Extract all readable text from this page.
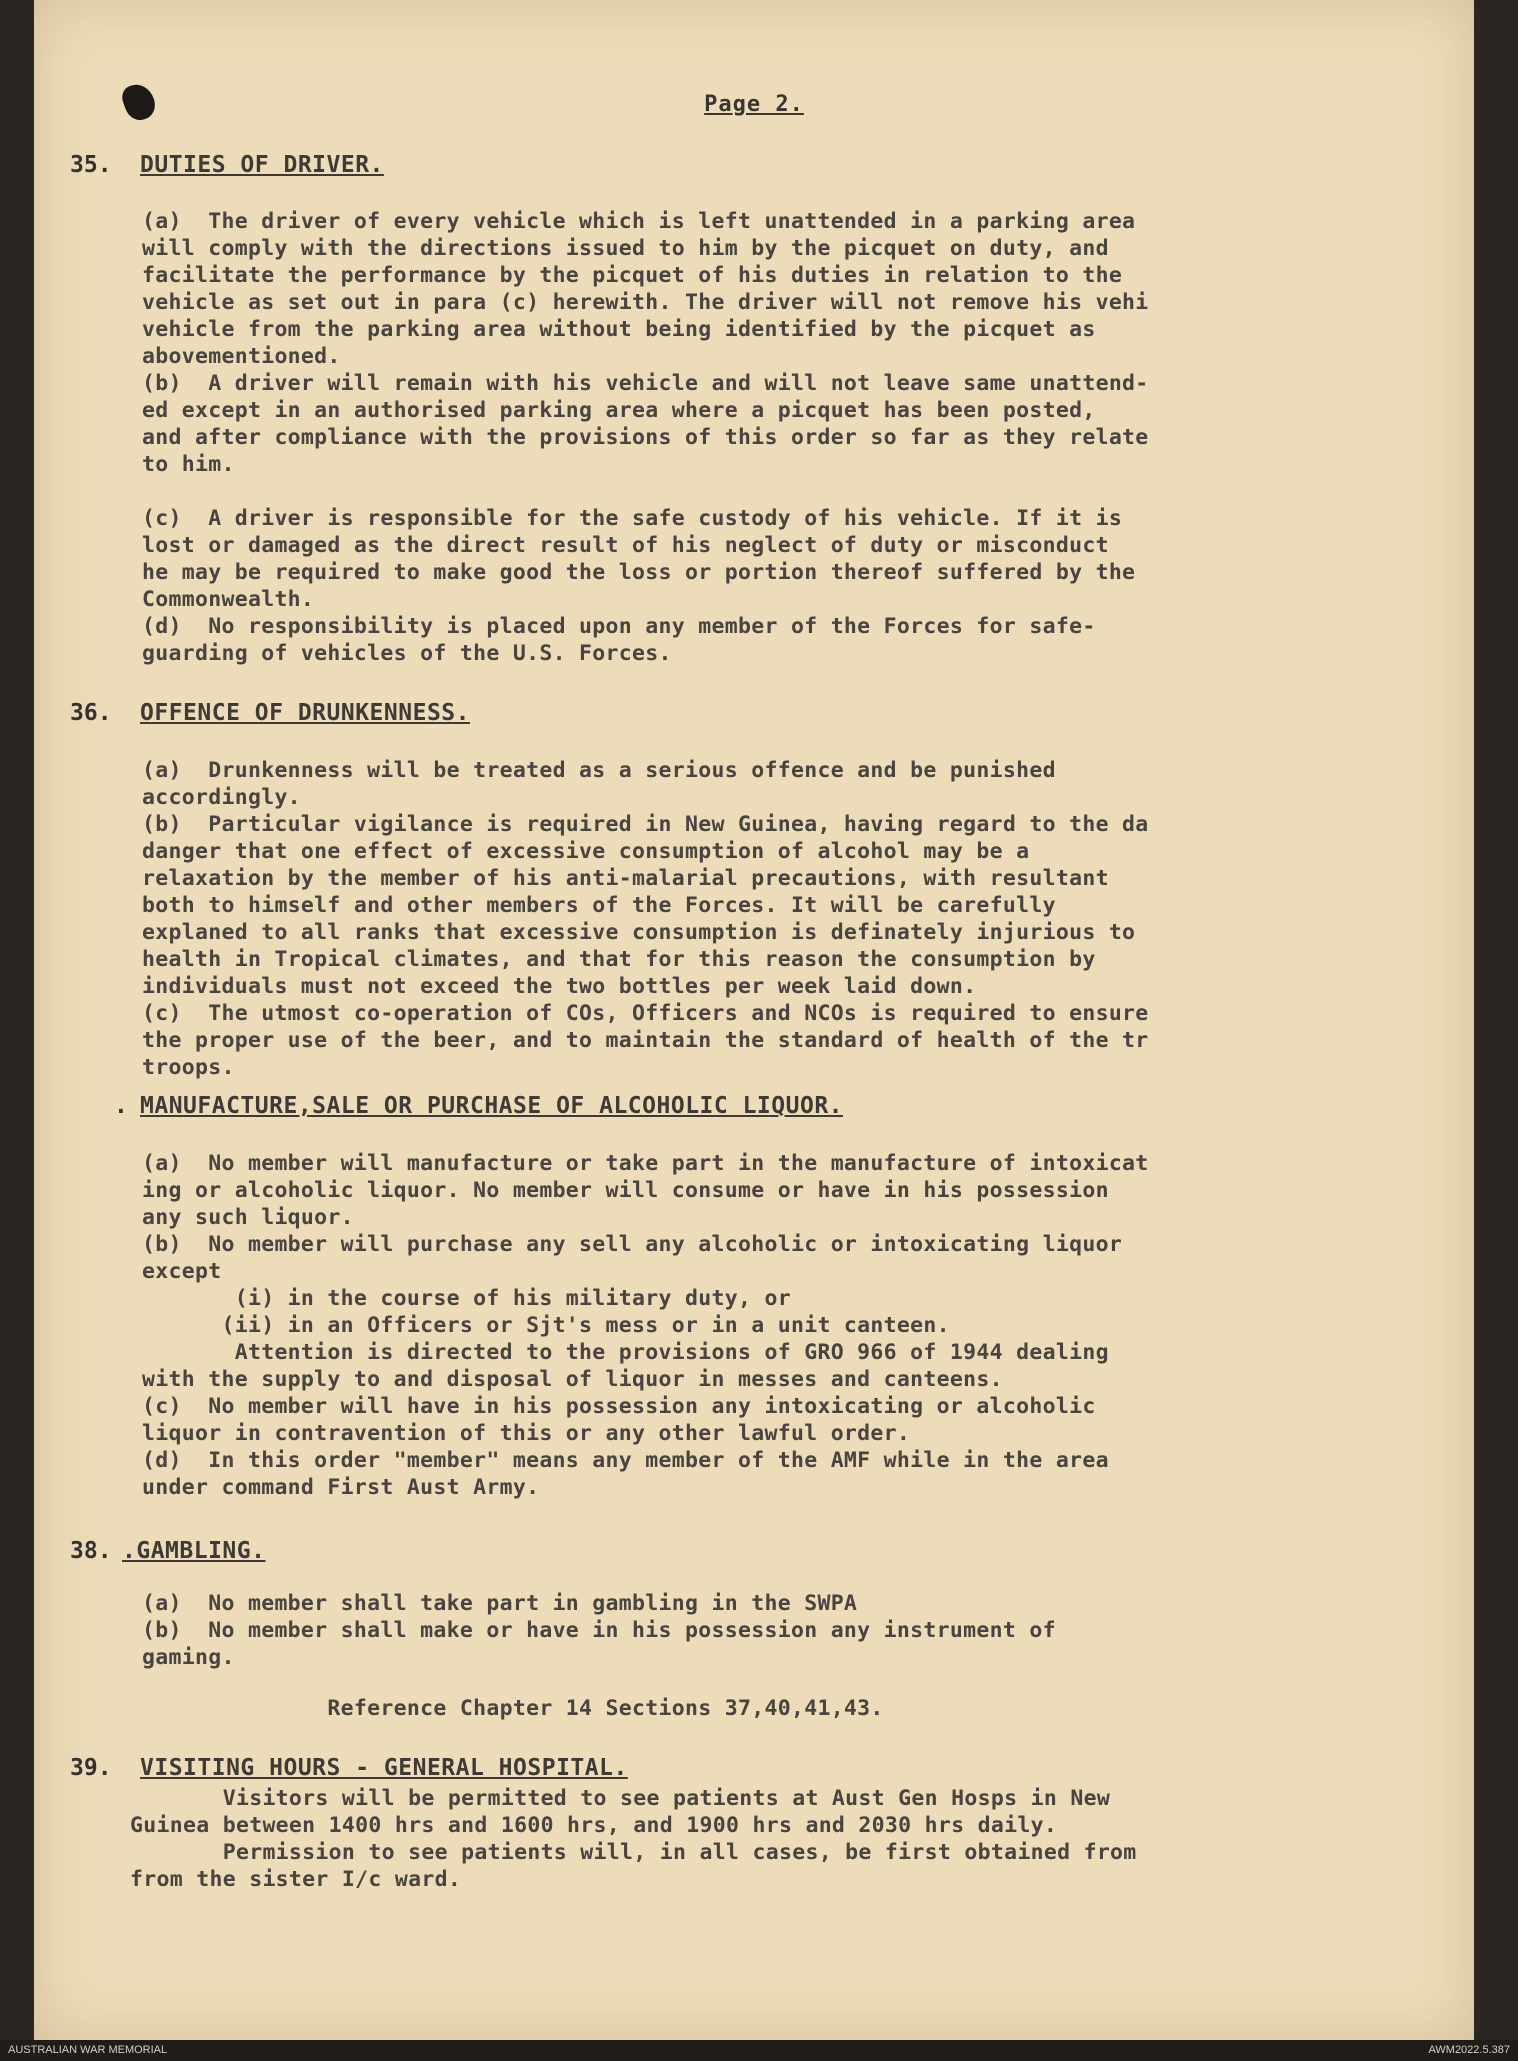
Page 2.
35. DUTIES OF DRIVER.
(a)  The driver of every vehicle which is left unattended in a parking area
will comply with the directions issued to him by the picquet on duty, and
facilitate the performance by the picquet of his duties in relation to the
vehicle as set out in para (c) herewith. The driver will not remove his vehi
vehicle from the parking area without being identified by the picquet as
abovementioned.
(b)  A driver will remain with his vehicle and will not leave same unattend-
ed except in an authorised parking area where a picquet has been posted,
and after compliance with the provisions of this order so far as they relate
to him.
(c)  A driver is responsible for the safe custody of his vehicle. If it is
lost or damaged as the direct result of his neglect of duty or misconduct
he may be required to make good the loss or portion thereof suffered by the
Commonwealth.
(d)  No responsibility is placed upon any member of the Forces for safe-
guarding of vehicles of the U.S. Forces.
36. OFFENCE OF DRUNKENNESS.
(a)  Drunkenness will be treated as a serious offence and be punished
accordingly.
(b)  Particular vigilance is required in New Guinea, having regard to the da
danger that one effect of excessive consumption of alcohol may be a
relaxation by the member of his anti-malarial precautions, with resultant
both to himself and other members of the Forces. It will be carefully
explaned to all ranks that excessive consumption is definately injurious to
health in Tropical climates, and that for this reason the consumption by
individuals must not exceed the two bottles per week laid down.
(c)  The utmost co-operation of COs, Officers and NCOs is required to ensure
the proper use of the beer, and to maintain the standard of health of the tr
troops.
. MANUFACTURE,SALE OR PURCHASE OF ALCOHOLIC LIQUOR.
(a)  No member will manufacture or take part in the manufacture of intoxicat
ing or alcoholic liquor. No member will consume or have in his possession
any such liquor.
(b)  No member will purchase any sell any alcoholic or intoxicating liquor
except
(i) in the course of his military duty, or
(ii) in an Officers or Sjt's mess or in a unit canteen.
Attention is directed to the provisions of GRO 966 of 1944 dealing
with the supply to and disposal of liquor in messes and canteens.
(c)  No member will have in his possession any intoxicating or alcoholic
liquor in contravention of this or any other lawful order.
(d)  In this order "member" means any member of the AMF while in the area
under command First Aust Army.
38. .GAMBLING.
(a)  No member shall take part in gambling in the SWPA
(b)  No member shall make or have in his possession any instrument of
gaming.
Reference Chapter 14 Sections 37,40,41,43.
39. VISITING HOURS - GENERAL HOSPITAL.
Visitors will be permitted to see patients at Aust Gen Hosps in New
Guinea between 1400 hrs and 1600 hrs, and 1900 hrs and 2030 hrs daily.
Permission to see patients will, in all cases, be first obtained from
from the sister I/c ward.
AUSTRALIAN WAR MEMORIAL	AWM2022.5.387
